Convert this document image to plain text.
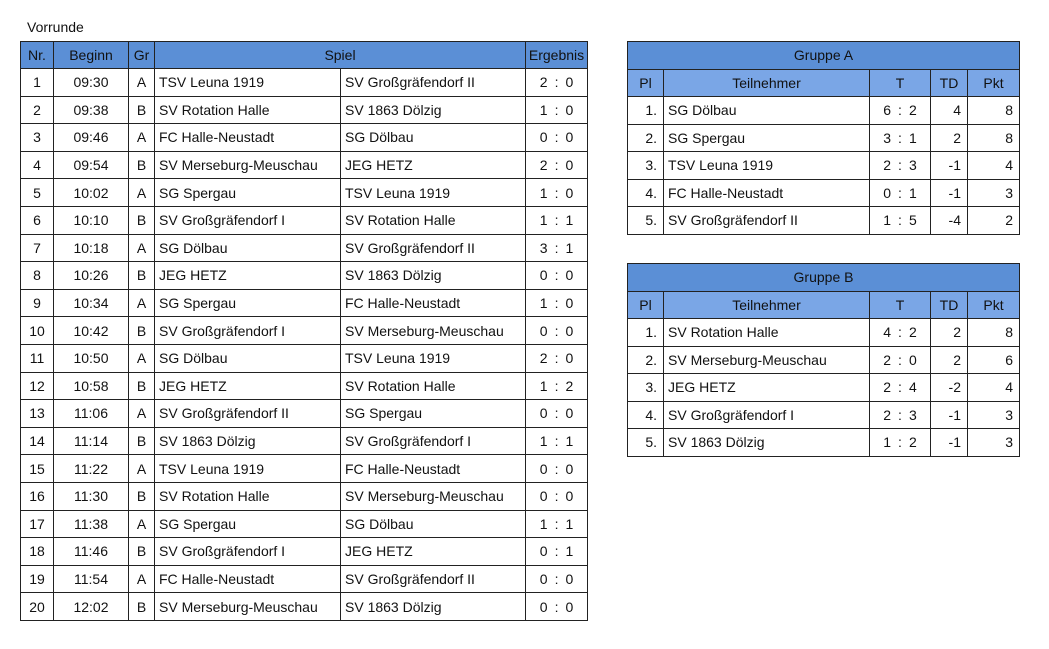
Vorrunde
Nr.	Beginn	Gr	Spiel		Ergebnis
1	09:30	A	TSV Leuna 1919	SV Großgräfendorf II	2 : 0
2	09:38	B	SV Rotation Halle	SV 1863 Dölzig	1 : 0
3	09:46	A	FC Halle-Neustadt	SG Dölbau	0 : 0
4	09:54	B	SV Merseburg-Meuschau	JEG HETZ	2 : 0
5	10:02	A	SG Spergau	TSV Leuna 1919	1 : 0
6	10:10	B	SV Großgräfendorf I	SV Rotation Halle	1 : 1
7	10:18	A	SG Dölbau	SV Großgräfendorf II	3 : 1
8	10:26	B	JEG HETZ	SV 1863 Dölzig	0 : 0
9	10:34	A	SG Spergau	FC Halle-Neustadt	1 : 0
10	10:42	B	SV Großgräfendorf I	SV Merseburg-Meuschau	0 : 0
11	10:50	A	SG Dölbau	TSV Leuna 1919	2 : 0
12	10:58	B	JEG HETZ	SV Rotation Halle	1 : 2
13	11:06	A	SV Großgräfendorf II	SG Spergau	0 : 0
14	11:14	B	SV 1863 Dölzig	SV Großgräfendorf I	1 : 1
15	11:22	A	TSV Leuna 1919	FC Halle-Neustadt	0 : 0
16	11:30	B	SV Rotation Halle	SV Merseburg-Meuschau	0 : 0
17	11:38	A	SG Spergau	SG Dölbau	1 : 1
18	11:46	B	SV Großgräfendorf I	JEG HETZ	0 : 1
19	11:54	A	FC Halle-Neustadt	SV Großgräfendorf II	0 : 0
20	12:02	B	SV Merseburg-Meuschau	SV 1863 Dölzig	0 : 0
Gruppe A				
Pl	Teilnehmer	T	TD	Pkt
1.	SG Dölbau	6 : 2	4	8
2.	SG Spergau	3 : 1	2	8
3.	TSV Leuna 1919	2 : 3	-1	4
4.	FC Halle-Neustadt	0 : 1	-1	3
5.	SV Großgräfendorf II	1 : 5	-4	2
Gruppe B				
Pl	Teilnehmer	T	TD	Pkt
1.	SV Rotation Halle	4 : 2	2	8
2.	SV Merseburg-Meuschau	2 : 0	2	6
3.	JEG HETZ	2 : 4	-2	4
4.	SV Großgräfendorf I	2 : 3	-1	3
5.	SV 1863 Dölzig	1 : 2	-1	3
